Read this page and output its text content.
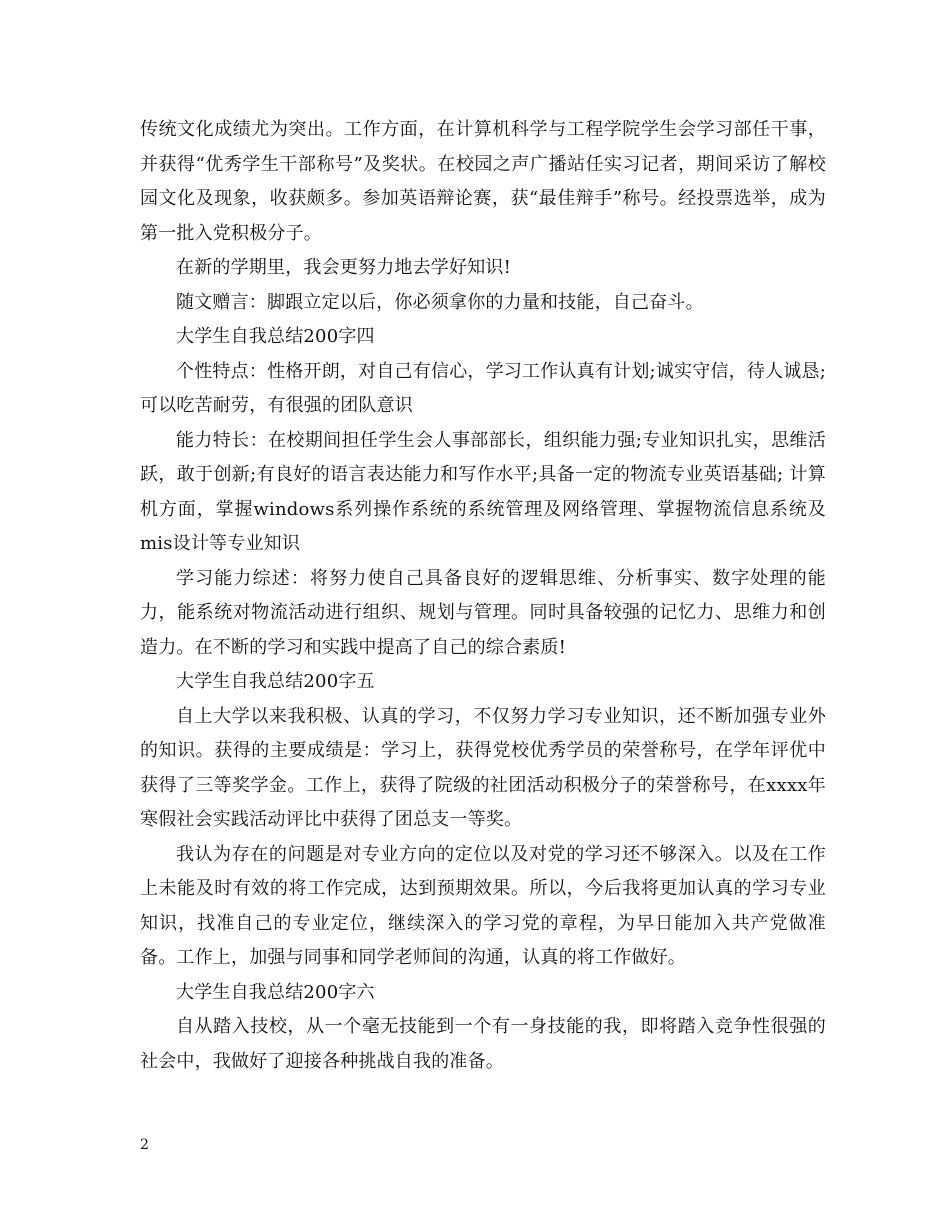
传统文化成绩尤为突出。工作方面，在计算机科学与工程学院学生会学习部任干事，并获得“优秀学生干部称号”及奖状。在校园之声广播站任实习记者，期间采访了解校园文化及现象，收获颇多。参加英语辩论赛，获“最佳辩手”称号。经投票选举，成为第一批入党积极分子。

在新的学期里，我会更努力地去学好知识!

随文赠言：脚跟立定以后，你必须拿你的力量和技能，自己奋斗。

大学生自我总结200字四

个性特点：性格开朗，对自己有信心，学习工作认真有计划;诚实守信，待人诚恳;可以吃苦耐劳，有很强的团队意识

能力特长：在校期间担任学生会人事部部长，组织能力强;专业知识扎实，思维活跃，敢于创新;有良好的语言表达能力和写作水平;具备一定的物流专业英语基础; 计算机方面，掌握windows系列操作系统的系统管理及网络管理、掌握物流信息系统及mis设计等专业知识

学习能力综述：将努力使自己具备良好的逻辑思维、分析事实、数字处理的能力，能系统对物流活动进行组织、规划与管理。同时具备较强的记忆力、思维力和创造力。在不断的学习和实践中提高了自己的综合素质!

大学生自我总结200字五

自上大学以来我积极、认真的学习，不仅努力学习专业知识，还不断加强专业外的知识。获得的主要成绩是：学习上，获得党校优秀学员的荣誉称号，在学年评优中获得了三等奖学金。工作上，获得了院级的社团活动积极分子的荣誉称号，在xxxx年寒假社会实践活动评比中获得了团总支一等奖。

我认为存在的问题是对专业方向的定位以及对党的学习还不够深入。以及在工作上未能及时有效的将工作完成，达到预期效果。所以，今后我将更加认真的学习专业知识，找准自己的专业定位，继续深入的学习党的章程，为早日能加入共产党做准备。工作上，加强与同事和同学老师间的沟通，认真的将工作做好。

大学生自我总结200字六

自从踏入技校，从一个毫无技能到一个有一身技能的我，即将踏入竞争性很强的社会中，我做好了迎接各种挑战自我的准备。

2
